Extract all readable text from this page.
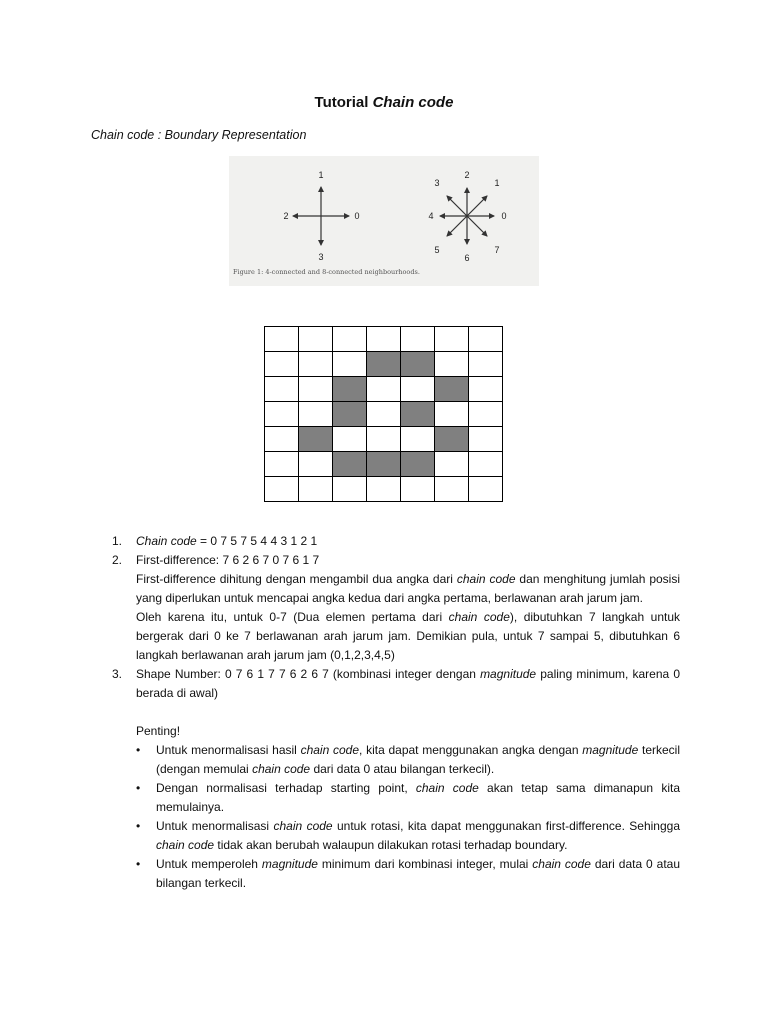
Tutorial Chain code
Chain code : Boundary Representation
0
1
2
3
0
1
2
3
4
5
6
7
Figure 1: 4-connected and 8-connected neighbourhoods.

1. Chain code = 0 7 5 7 5 4 4 3 1 2 1

2. First-difference: 7 6 2 6 7 0 7 6 1 7

First-difference dihitung dengan mengambil dua angka dari chain code dan menghitung jumlah posisi yang diperlukan untuk mencapai angka kedua dari angka pertama, berlawanan arah jarum jam.

Oleh karena itu, untuk 0-7 (Dua elemen pertama dari chain code), dibutuhkan 7 langkah untuk bergerak dari 0 ke 7 berlawanan arah jarum jam. Demikian pula, untuk 7 sampai 5, dibutuhkan 6 langkah berlawanan arah jarum jam (0,1,2,3,4,5)

3. Shape Number: 0 7 6 1 7 7 6 2 6 7 (kombinasi integer dengan magnitude paling minimum, karena 0 berada di awal)

Penting!
• Untuk menormalisasi hasil chain code, kita dapat menggunakan angka dengan magnitude terkecil (dengan memulai chain code dari data 0 atau bilangan terkecil).
• Dengan normalisasi terhadap starting point, chain code akan tetap sama dimanapun kita memulainya.
• Untuk menormalisasi chain code untuk rotasi, kita dapat menggunakan first-difference. Sehingga chain code tidak akan berubah walaupun dilakukan rotasi terhadap boundary.
• Untuk memperoleh magnitude minimum dari kombinasi integer, mulai chain code dari data 0 atau bilangan terkecil.
